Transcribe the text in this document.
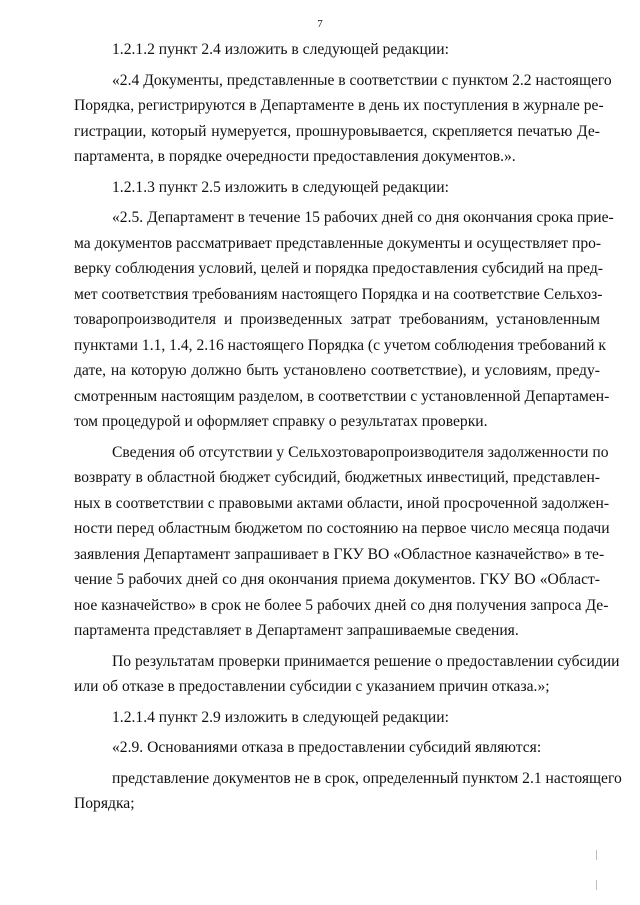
7

1.2.1.2 пункт 2.4 изложить в следующей редакции:

«2.4 Документы, представленные в соответствии с пунктом 2.2 настоящего
Порядка, регистрируются в Департаменте в день их поступления в журнале ре-
гистрации, который нумеруется, прошнуровывается, скрепляется печатью Де-
партамента, в порядке очередности предоставления документов.».

1.2.1.3 пункт 2.5 изложить в следующей редакции:

«2.5. Департамент в течение 15 рабочих дней со дня окончания срока прие-
ма документов рассматривает представленные документы и осуществляет про-
верку соблюдения условий, целей и порядка предоставления субсидий на пред-
мет соответствия требованиям настоящего Порядка и на соответствие Сельхоз-
товаропроизводителя и произведенных затрат требованиям, установленным
пунктами 1.1, 1.4, 2.16 настоящего Порядка (с учетом соблюдения требований к
дате, на которую должно быть установлено соответствие), и условиям, преду-
смотренным настоящим разделом, в соответствии с установленной Департамен-
том процедурой и оформляет справку о результатах проверки.

Сведения об отсутствии у Сельхозтоваропроизводителя задолженности по
возврату в областной бюджет субсидий, бюджетных инвестиций, представлен-
ных в соответствии с правовыми актами области, иной просроченной задолжен-
ности перед областным бюджетом по состоянию на первое число месяца подачи
заявления Департамент запрашивает в ГКУ ВО «Областное казначейство» в те-
чение 5 рабочих дней со дня окончания приема документов. ГКУ ВО «Област-
ное казначейство» в срок не более 5 рабочих дней со дня получения запроса Де-
партамента представляет в Департамент запрашиваемые сведения.

По результатам проверки принимается решение о предоставлении субсидии
или об отказе в предоставлении субсидии с указанием причин отказа.»;

1.2.1.4 пункт 2.9 изложить в следующей редакции:

«2.9. Основаниями отказа в предоставлении субсидий являются:

представление документов не в срок, определенный пунктом 2.1 настоящего
Порядка;
